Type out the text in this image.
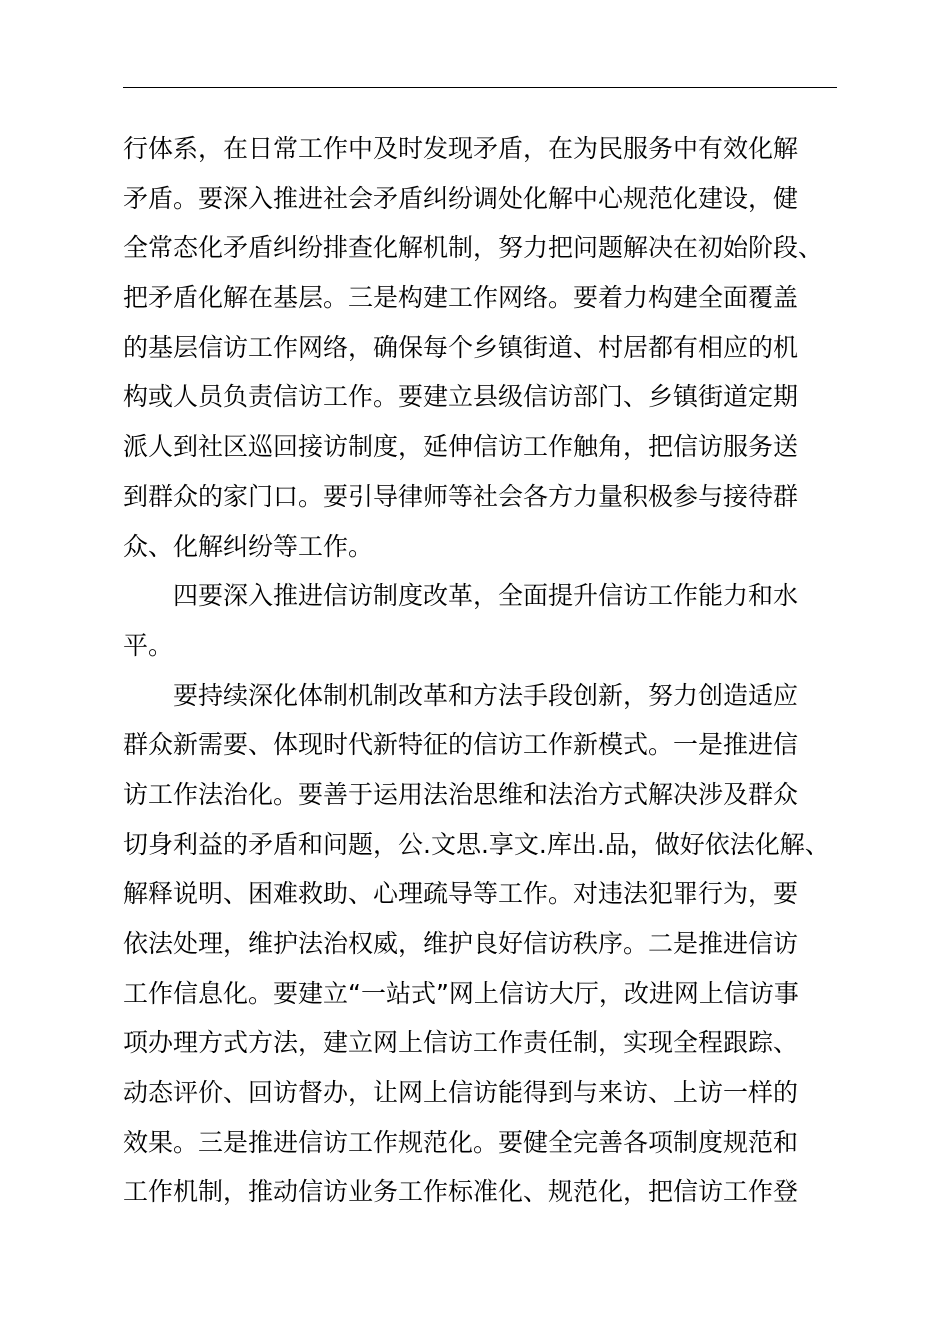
行体系，在日常工作中及时发现矛盾，在为民服务中有效化解
矛盾。要深入推进社会矛盾纠纷调处化解中心规范化建设，健
全常态化矛盾纠纷排查化解机制，努力把问题解决在初始阶段、
把矛盾化解在基层。三是构建工作网络。要着力构建全面覆盖
的基层信访工作网络，确保每个乡镇街道、村居都有相应的机
构或人员负责信访工作。要建立县级信访部门、乡镇街道定期
派人到社区巡回接访制度，延伸信访工作触角，把信访服务送
到群众的家门口。要引导律师等社会各方力量积极参与接待群
众、化解纠纷等工作。
四要深入推进信访制度改革，全面提升信访工作能力和水
平。
要持续深化体制机制改革和方法手段创新，努力创造适应
群众新需要、体现时代新特征的信访工作新模式。一是推进信
访工作法治化。要善于运用法治思维和法治方式解决涉及群众
切身利益的矛盾和问题，公.文思.享文.库出.品，做好依法化解、
解释说明、困难救助、心理疏导等工作。对违法犯罪行为，要
依法处理，维护法治权威，维护良好信访秩序。二是推进信访
工作信息化。要建立“一站式”网上信访大厅，改进网上信访事
项办理方式方法，建立网上信访工作责任制，实现全程跟踪、
动态评价、回访督办，让网上信访能得到与来访、上访一样的
效果。三是推进信访工作规范化。要健全完善各项制度规范和
工作机制，推动信访业务工作标准化、规范化，把信访工作登
